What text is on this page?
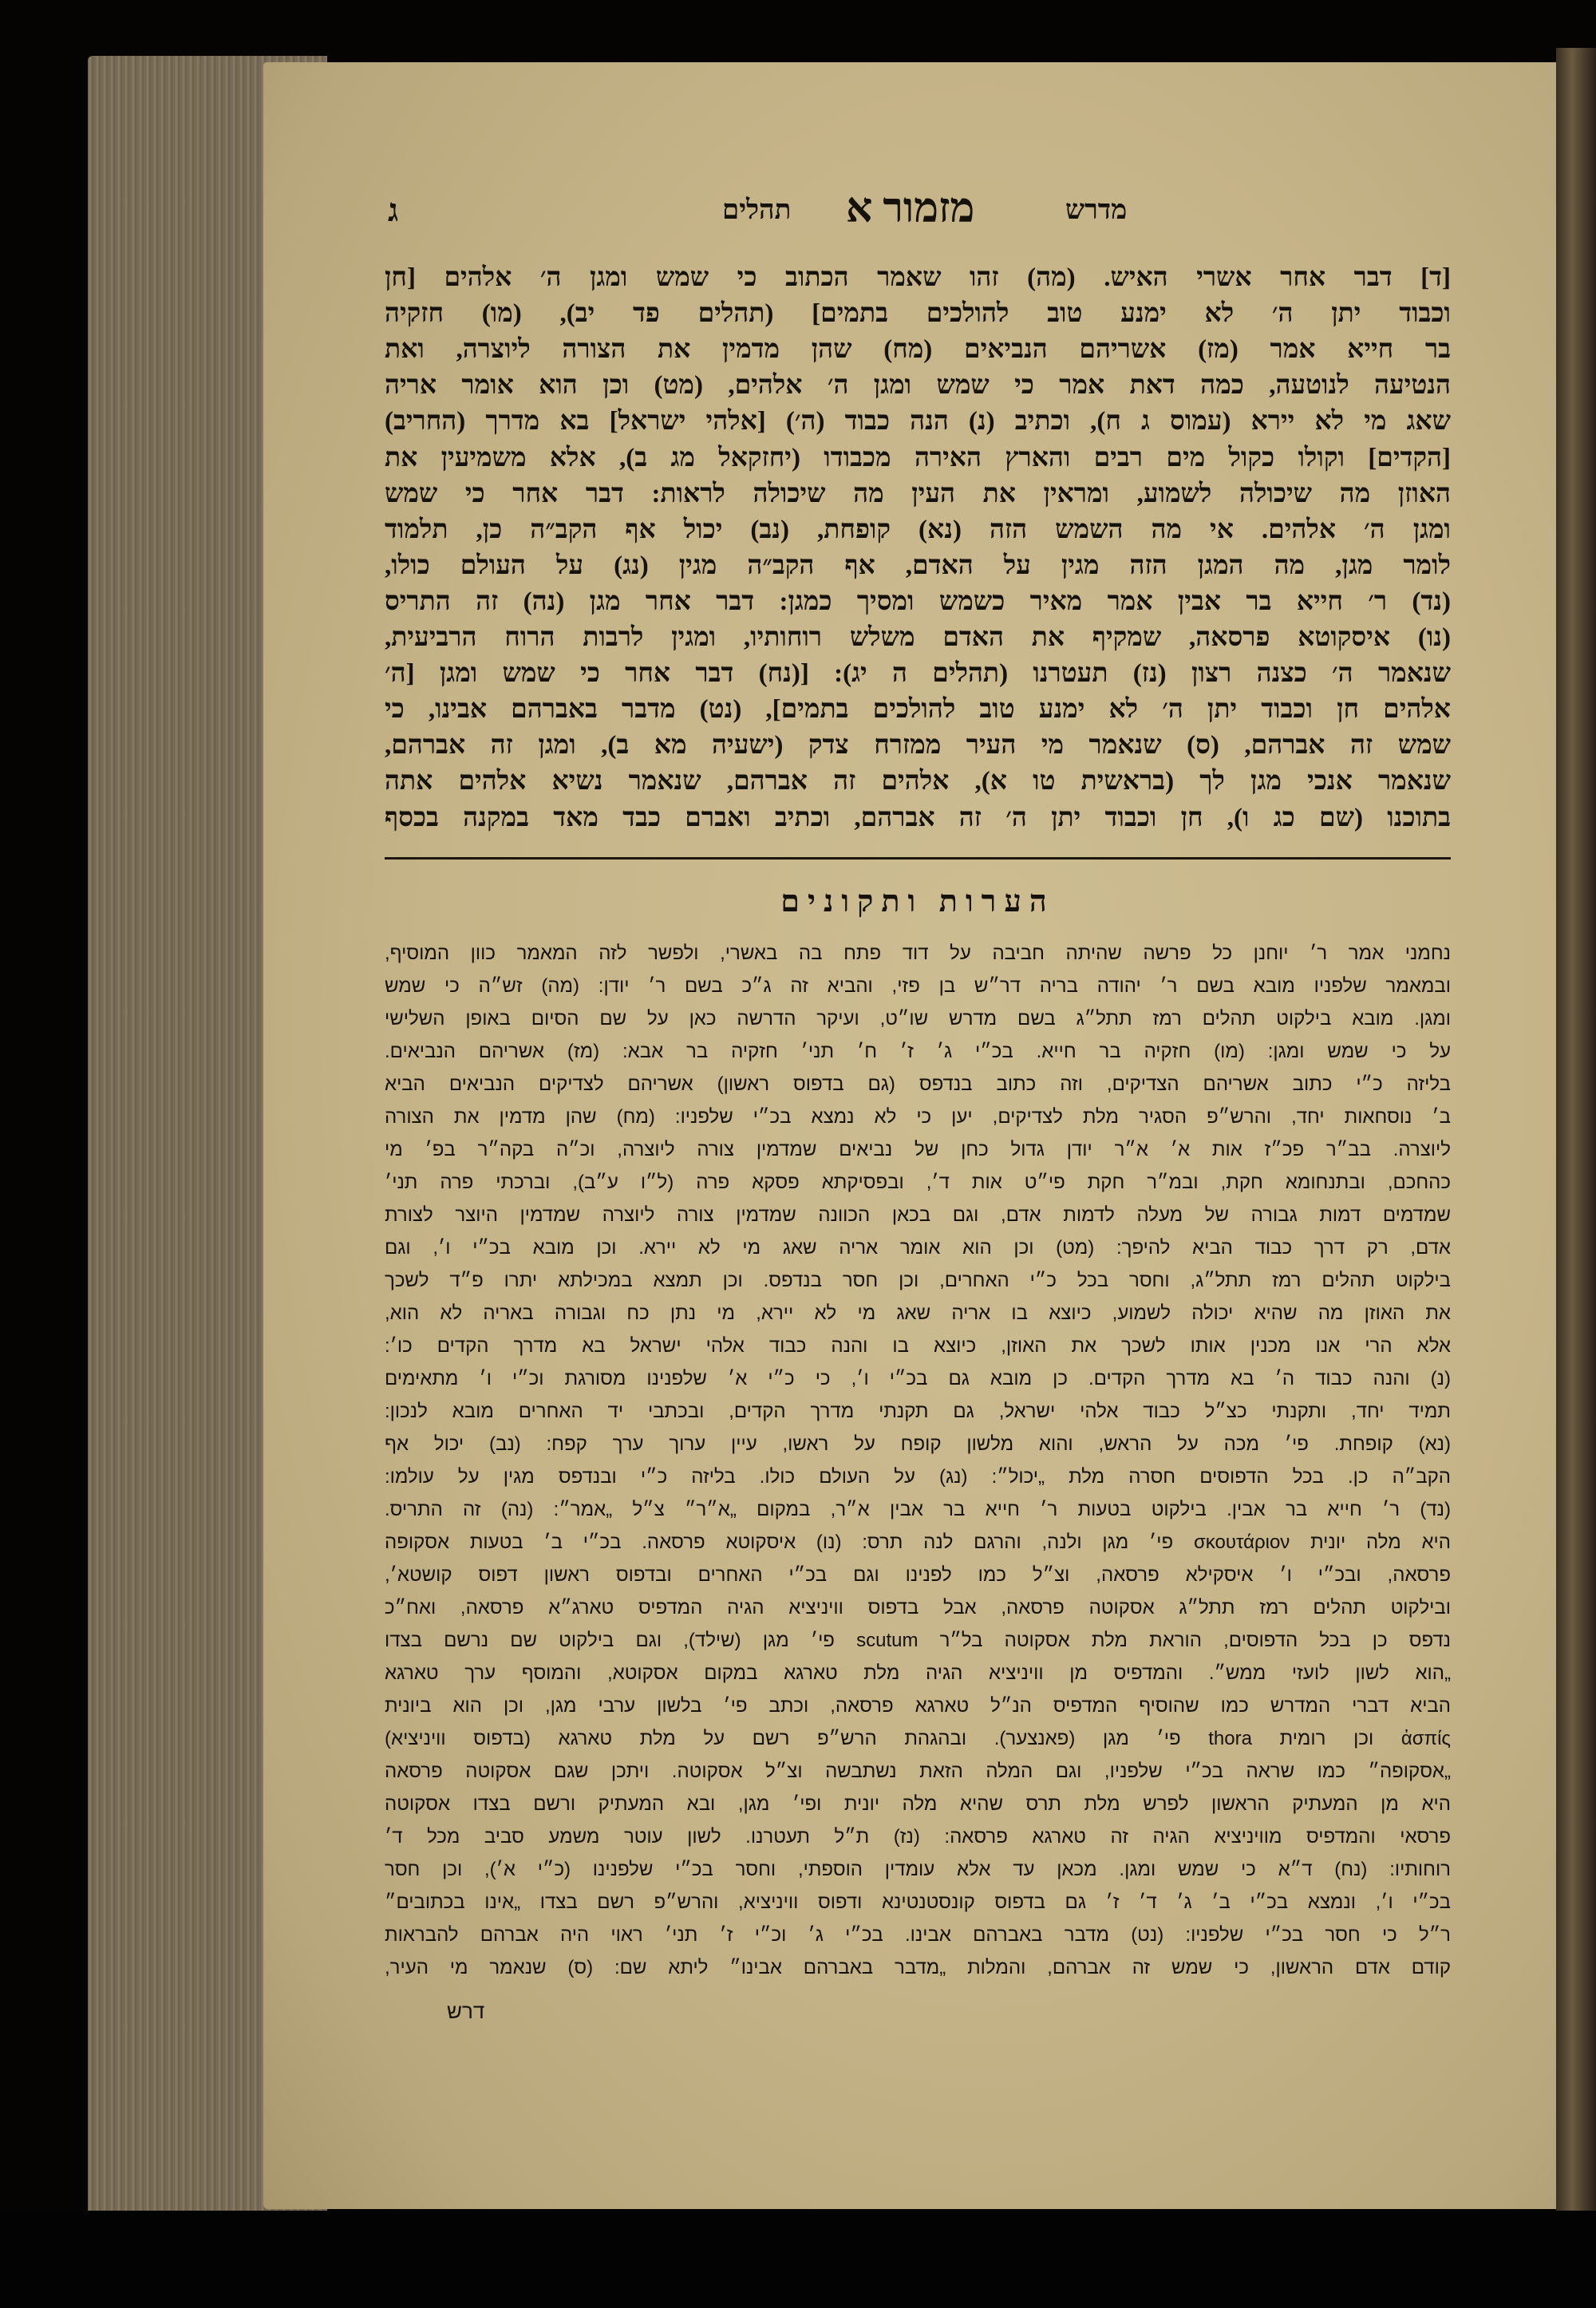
מדרש
מזמור א
תהלים
ג
[ד] דבר אחר אשרי האיש. (מה) זהו שאמר הכתוב כי שמש ומגן ה׳ אלהים [חן
וכבוד יתן ה׳ לא ימנע טוב להולכים בתמים] (תהלים פד יב), (מו) חזקיה
בר חייא אמר (מז) אשריהם הנביאים (מח) שהן מדמין את הצורה ליוצרה, ואת
הנטיעה לנוטעה, כמה דאת אמר כי שמש ומגן ה׳ אלהים, (מט) וכן הוא אומר אריה
שאג מי לא יירא (עמוס ג ח), וכתיב (נ) הנה כבוד (ה׳) [אלהי ישראל] בא מדרך (החריב)
[הקדים] וקולו כקול מים רבים והארץ האירה מכבודו (יחזקאל מג ב), אלא משמיעין את
האוזן מה שיכולה לשמוע, ומראין את העין מה שיכולה לראות: דבר אחר כי שמש
ומגן ה׳ אלהים. אי מה השמש הזה (נא) קופחת, (נב) יכול אף הקב״ה כן, תלמוד
לומר מגן, מה המגן הזה מגין על האדם, אף הקב״ה מגין (נג) על העולם כולו,
(נד) ר׳ חייא בר אבין אמר מאיר כשמש ומסיך כמגן: דבר אחר מגן (נה) זה התריס
(נו) איסקוטא פרסאה, שמקיף את האדם משלש רוחותיו, ומגין לרבות הרוח הרביעית,
שנאמר ה׳ כצנה רצון (נז) תעטרנו (תהלים ה יג): [(נח) דבר אחר כי שמש ומגן [ה׳
אלהים חן וכבוד יתן ה׳ לא ימנע טוב להולכים בתמים], (נט) מדבר באברהם אבינו, כי
שמש זה אברהם, (ס) שנאמר מי העיר ממזרח צדק (ישעיה מא ב), ומגן זה אברהם,
שנאמר אנכי מגן לך (בראשית טו א), אלהים זה אברהם, שנאמר נשיא אלהים אתה
בתוכנו (שם כג ו), חן וכבוד יתן ה׳ זה אברהם, וכתיב ואברם כבד מאד במקנה בכסף
הערות ותקונים
נחמני אמר ר׳ יוחנן כל פרשה שהיתה חביבה על דוד פתח בה באשרי, ולפשר לזה המאמר כוון המוסיף,
ובמאמר שלפניו מובא בשם ר׳ יהודה בריה דר״ש בן פזי, והביא זה ג״כ בשם ר׳ יודן: (מה) זש״ה כי שמש
ומגן. מובא בילקוט תהלים רמז תתל״ג בשם מדרש שו״ט, ועיקר הדרשה כאן על שם הסיום באופן השלישי
על כי שמש ומגן: (מו) חזקיה בר חייא. בכ״י ג׳ ז׳ ח׳ תני׳ חזקיה בר אבא: (מז) אשריהם הנביאים.
בליזה כ״י כתוב אשריהם הצדיקים, וזה כתוב בנדפס (גם בדפוס ראשון) אשריהם לצדיקים הנביאים הביא
ב׳ נוסחאות יחד, והרש״פ הסגיר מלת לצדיקים, יען כי לא נמצא בכ״י שלפניו: (מח) שהן מדמין את הצורה
ליוצרה. בב״ר פכ״ז אות א׳ א״ר יודן גדול כחן של נביאים שמדמין צורה ליוצרה, וכ״ה בקה״ר בפ׳ מי
כהחכם, ובתנחומא חקת, ובמ״ר חקת פי״ט אות ד׳, ובפסיקתא פסקא פרה (ל״ו ע״ב), וברכתי פרה תני׳
שמדמים דמות גבורה של מעלה לדמות אדם, וגם בכאן הכוונה שמדמין צורה ליוצרה שמדמין היוצר לצורת
אדם, רק דרך כבוד הביא להיפך: (מט) וכן הוא אומר אריה שאג מי לא יירא. וכן מובא בכ״י ו׳, וגם
בילקוט תהלים רמז תתל״ג, וחסר בכל כ״י האחרים, וכן חסר בנדפס. וכן תמצא במכילתא יתרו פ״ד לשכך
את האוזן מה שהיא יכולה לשמוע, כיוצא בו אריה שאג מי לא יירא, מי נתן כח וגבורה באריה לא הוא,
אלא הרי אנו מכנין אותו לשכך את האוזן, כיוצא בו והנה כבוד אלהי ישראל בא מדרך הקדים כו׳:
(נ) והנה כבוד ה׳ בא מדרך הקדים. כן מובא גם בכ״י ו׳, כי כ״י א׳ שלפנינו מסורגת וכ״י ו׳ מתאימים
תמיד יחד, ותקנתי כצ״ל כבוד אלהי ישראל, גם תקנתי מדרך הקדים, ובכתבי יד האחרים מובא לנכון:
(נא) קופחת. פי׳ מכה על הראש, והוא מלשון קופח על ראשו, עיין ערוך ערך קפח: (נב) יכול אף
הקב״ה כן. בכל הדפוסים חסרה מלת „יכול״: (נג) על העולם כולו. בליזה כ״י ובנדפס מגין על עולמו:
(נד) ר׳ חייא בר אבין. בילקוט בטעות ר׳ חייא בר אבין א״ר, במקום „א״ר״ צ״ל „אמר״: (נה) זה התריס.
היא מלה יונית σκουτάριον פי׳ מגן ולנה, והרגם לנה תרס: (נו) איסקוטא פרסאה. בכ״י ב׳ בטעות אסקופה
פרסאה, ובכ״י ו׳ איסקילא פרסאה, וצ״ל כמו לפנינו וגם בכ״י האחרים ובדפוס ראשון דפוס קושטא׳,
ובילקוט תהלים רמז תתל״ג אסקוטה פרסאה, אבל בדפוס וויניציא הגיה המדפיס טארג״א פרסאה, ואח״כ
נדפס כן בכל הדפוסים, הוראת מלת אסקוטה בל״ר scutum פי׳ מגן (שילד), וגם בילקוט שם נרשם בצדו
„הוא לשון לועזי ממש״. והמדפיס מן וויניציא הגיה מלת טארגא במקום אסקוטא, והמוסף ערך טארגא
הביא דברי המדרש כמו שהוסיף המדפיס הנ״ל טארגא פרסאה, וכתב פי׳ בלשון ערבי מגן, וכן הוא ביונית
ἀσπίς וכן רומית thora פי׳ מגן (פאנצער). ובהגהת הרש״פ רשם על מלת טארגא (בדפוס וויניציא)
„אסקופה״ כמו שראה בכ״י שלפניו, וגם המלה הזאת נשתבשה וצ״ל אסקוטה. ויתכן שגם אסקוטה פרסאה
היא מן המעתיק הראשון לפרש מלת תרס שהיא מלה יונית ופי׳ מגן, ובא המעתיק ורשם בצדו אסקוטה
פרסאי והמדפיס מוויניציא הגיה זה טארגא פרסאה: (נז) ת״ל תעטרנו. לשון עוטר משמע סביב מכל ד׳
רוחותיו: (נח) ד״א כי שמש ומגן. מכאן עד אלא עומדין הוספתי, וחסר בכ״י שלפנינו (כ״י א׳), וכן חסר
בכ״י ו׳, ונמצא בכ״י ב׳ ג׳ ד׳ ז׳ גם בדפוס קונסטנטינא ודפוס וויניציא, והרש״פ רשם בצדו „אינו בכתובים״
ר״ל כי חסר בכ״י שלפניו: (נט) מדבר באברהם אבינו. בכ״י ג׳ וכ״י ז׳ תני׳ ראוי היה אברהם להבראות
קודם אדם הראשון, כי שמש זה אברהם, והמלות „מדבר באברהם אבינו״ ליתא שם: (ס) שנאמר מי העיר,
דרש
